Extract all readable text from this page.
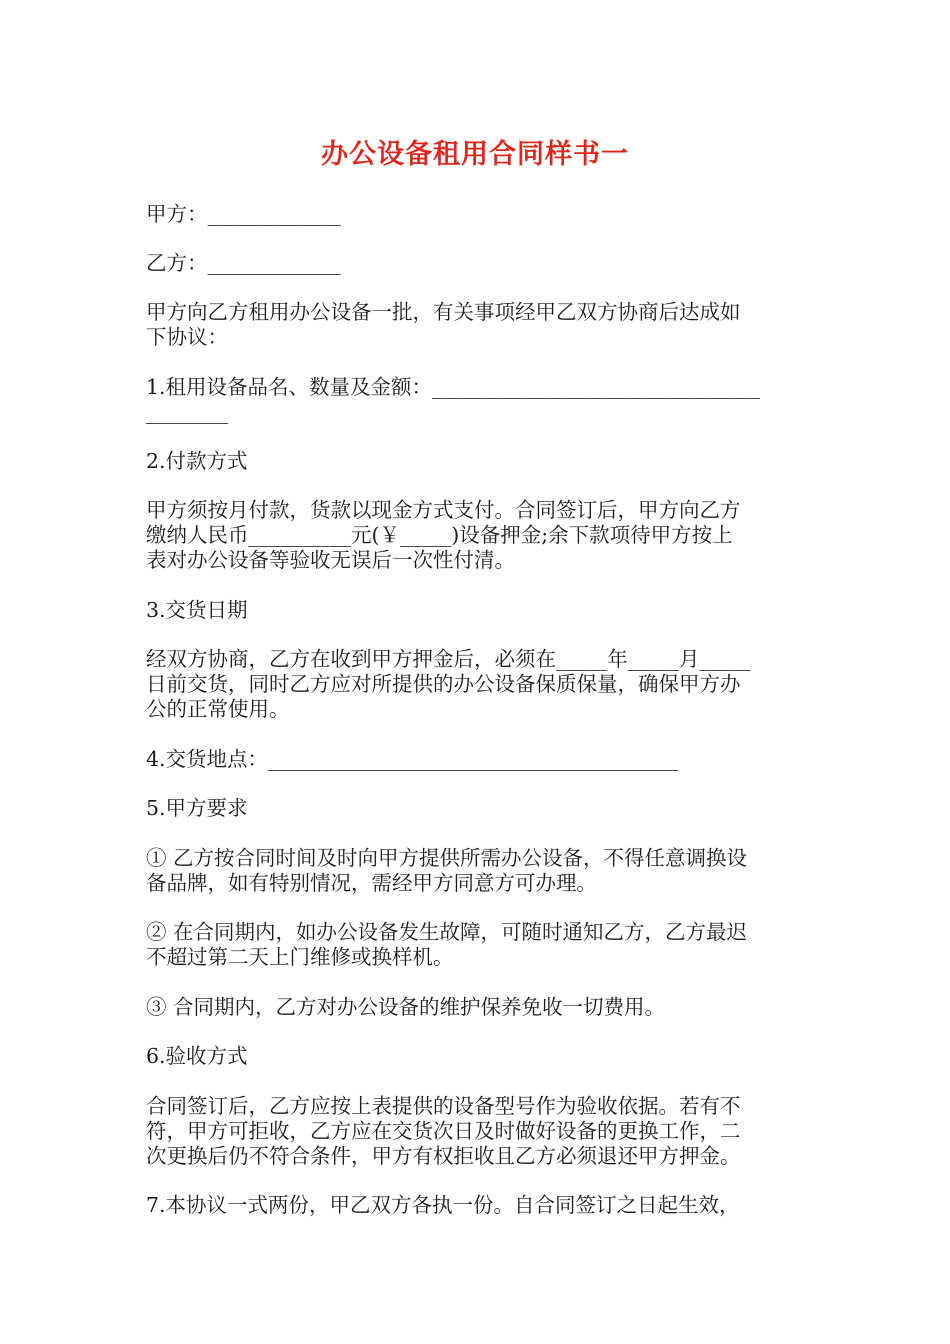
办公设备租用合同样书一

甲方：_____________

乙方：_____________

甲方向乙方租用办公设备一批，有关事项经甲乙双方协商后达成如

下协议：

1.租用设备品名、数量及金额：________________________________

________

2.付款方式

甲方须按月付款，货款以现金方式支付。合同签订后，甲方向乙方

缴纳人民币__________元(￥_____)设备押金;余下款项待甲方按上

表对办公设备等验收无误后一次性付清。

3.交货日期

经双方协商，乙方在收到甲方押金后，必须在_____年_____月_____

日前交货，同时乙方应对所提供的办公设备保质保量，确保甲方办

公的正常使用。

4.交货地点：________________________________________

5.甲方要求

① 乙方按合同时间及时向甲方提供所需办公设备，不得任意调换设

备品牌，如有特别情况，需经甲方同意方可办理。

② 在合同期内，如办公设备发生故障，可随时通知乙方，乙方最迟

不超过第二天上门维修或换样机。

③ 合同期内，乙方对办公设备的维护保养免收一切费用。

6.验收方式

合同签订后，乙方应按上表提供的设备型号作为验收依据。若有不

符，甲方可拒收，乙方应在交货次日及时做好设备的更换工作，二

次更换后仍不符合条件，甲方有权拒收且乙方必须退还甲方押金。

7.本协议一式两份，甲乙双方各执一份。自合同签订之日起生效，
